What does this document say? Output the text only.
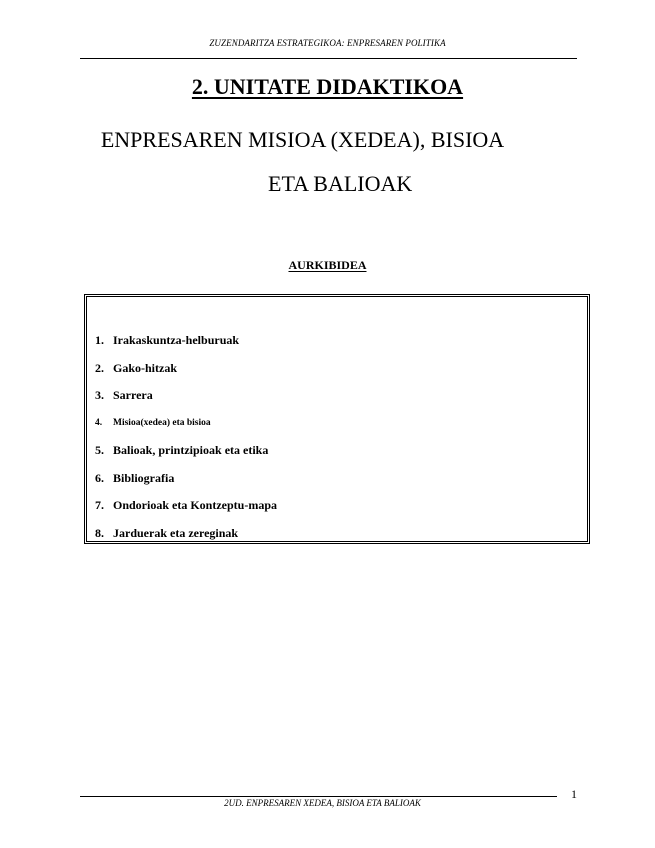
ZUZENDARITZA ESTRATEGIKOA: ENPRESAREN POLITIKA
2. UNITATE DIDAKTIKOA
ENPRESAREN MISIOA (XEDEA), BISIOA
ETA BALIOAK
AURKIBIDEA
1. Irakaskuntza-helburuak
2. Gako-hitzak
3. Sarrera
4. Misioa(xedea) eta bisioa
5. Balioak, printzipioak eta etika
6. Bibliografia
7. Ondorioak eta Kontzeptu-mapa
8. Jarduerak eta zereginak
1
2UD. ENPRESAREN XEDEA, BISIOA ETA BALIOAK
